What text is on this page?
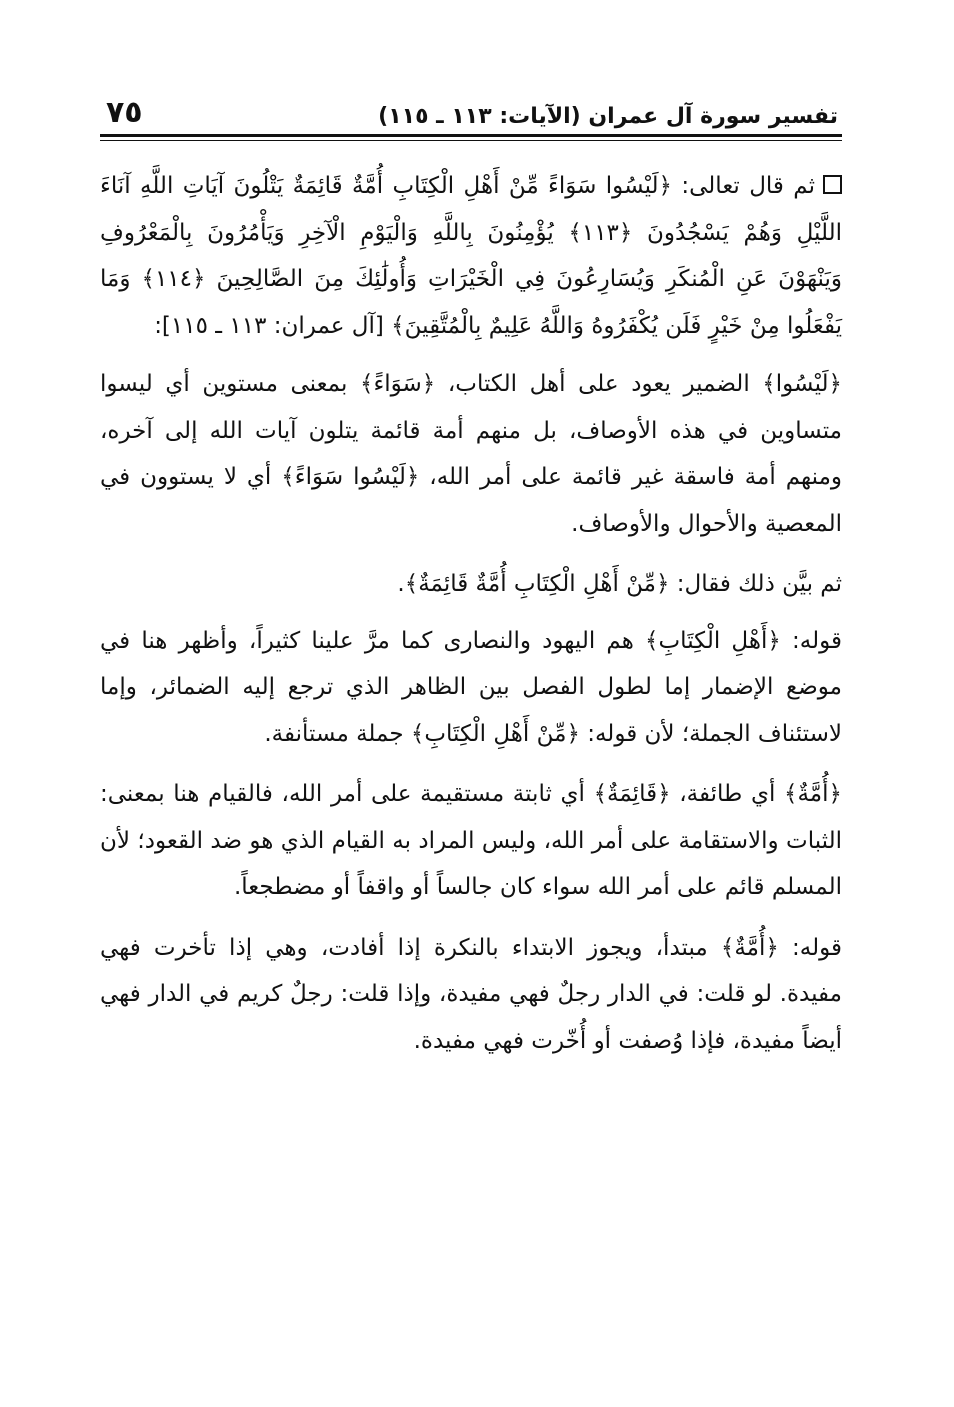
تفسير سورة آل عمران (الآيات: ١١٣ ـ ١١٥)
٧٥

ثم قال تعالى: ﴿لَيْسُوا سَوَاءً مِّنْ أَهْلِ الْكِتَابِ أُمَّةٌ قَائِمَةٌ يَتْلُونَ آيَاتِ اللَّهِ آنَاءَ اللَّيْلِ وَهُمْ يَسْجُدُونَ ﴿١١٣﴾ يُؤْمِنُونَ بِاللَّهِ وَالْيَوْمِ الْآخِرِ وَيَأْمُرُونَ بِالْمَعْرُوفِ وَيَنْهَوْنَ عَنِ الْمُنكَرِ وَيُسَارِعُونَ فِي الْخَيْرَاتِ وَأُولَٰئِكَ مِنَ الصَّالِحِينَ ﴿١١٤﴾ وَمَا يَفْعَلُوا مِنْ خَيْرٍ فَلَن يُكْفَرُوهُ وَاللَّهُ عَلِيمٌ بِالْمُتَّقِينَ﴾ [آل عمران: ١١٣ ـ ١١٥]:

﴿لَيْسُوا﴾ الضمير يعود على أهل الكتاب، ﴿سَوَاءً﴾ بمعنى مستوين أي ليسوا متساوين في هذه الأوصاف، بل منهم أمة قائمة يتلون آيات الله إلى آخره، ومنهم أمة فاسقة غير قائمة على أمر الله، ﴿لَيْسُوا سَوَاءً﴾ أي لا يستوون في المعصية والأحوال والأوصاف.

ثم بيَّن ذلك فقال: ﴿مِّنْ أَهْلِ الْكِتَابِ أُمَّةٌ قَائِمَةٌ﴾.

قوله: ﴿أَهْلِ الْكِتَابِ﴾ هم اليهود والنصارى كما مرَّ علينا كثيراً، وأظهر هنا في موضع الإضمار إما لطول الفصل بين الظاهر الذي ترجع إليه الضمائر، وإما لاستئناف الجملة؛ لأن قوله: ﴿مِّنْ أَهْلِ الْكِتَابِ﴾ جملة مستأنفة.

﴿أُمَّةٌ﴾ أي طائفة، ﴿قَائِمَةٌ﴾ أي ثابتة مستقيمة على أمر الله، فالقيام هنا بمعنى: الثبات والاستقامة على أمر الله، وليس المراد به القيام الذي هو ضد القعود؛ لأن المسلم قائم على أمر الله سواء كان جالساً أو واقفاً أو مضطجعاً.

قوله: ﴿أُمَّةٌ﴾ مبتدأ، ويجوز الابتداء بالنكرة إذا أفادت، وهي إذا تأخرت فهي مفيدة. لو قلت: في الدار رجلٌ فهي مفيدة، وإذا قلت: رجلٌ كريم في الدار فهي أيضاً مفيدة، فإذا وُصفت أو أُخّرت فهي مفيدة.
